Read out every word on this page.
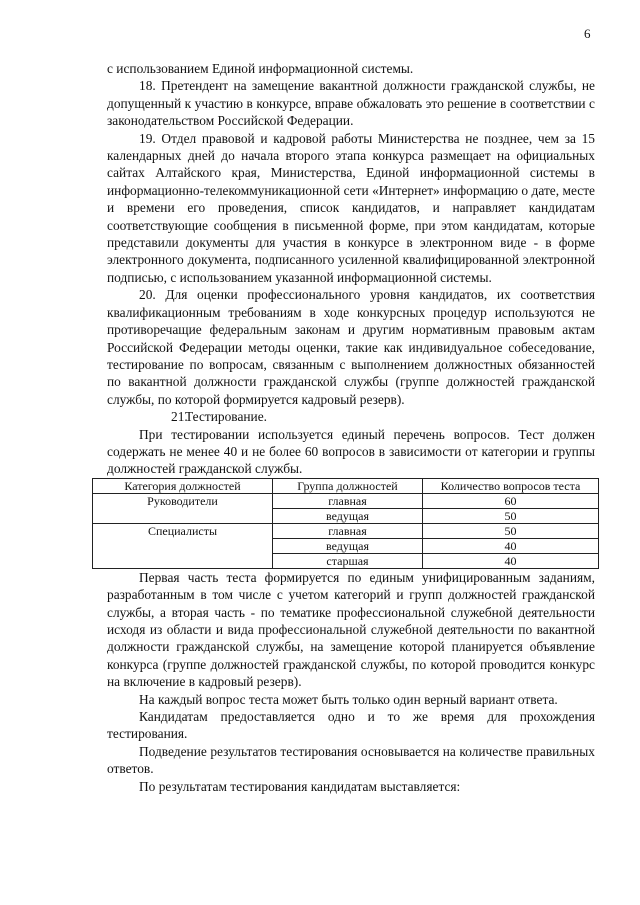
6

с использованием Единой информационной системы.

18. Претендент на замещение вакантной должности гражданской службы, не допущенный к участию в конкурсе, вправе обжаловать это решение в соответствии с законодательством Российской Федерации.

19. Отдел правовой и кадровой работы Министерства не позднее, чем за 15 календарных дней до начала второго этапа конкурса размещает на официальных сайтах Алтайского края, Министерства, Единой информационной системы в информационно-телекоммуникационной сети «Интернет» информацию о дате, месте и времени его проведения, список кандидатов, и направляет кандидатам соответствующие сообщения в письменной форме, при этом кандидатам, которые представили документы для участия в конкурсе в электронном виде - в форме электронного документа, подписанного усиленной квалифицированной электронной подписью, с использованием указанной информационной системы.

20. Для оценки профессионального уровня кандидатов, их соответствия квалификационным требованиям в ходе конкурсных процедур используются не противоречащие федеральным законам и другим нормативным правовым актам Российской Федерации методы оценки, такие как индивидуальное собеседование, тестирование по вопросам, связанным с выполнением должностных обязанностей по вакантной должности гражданской службы (группе должностей гражданской службы, по которой формируется кадровый резерв).

21.Тестирование.

При тестировании используется единый перечень вопросов. Тест должен содержать не менее 40 и не более 60 вопросов в зависимости от категории и группы должностей гражданской службы.

Категория должностей	Группа должностей	Количество вопросов теста
Руководители	главная	60
	ведущая	50
Специалисты	главная	50
	ведущая	40
	старшая	40

Первая часть теста формируется по единым унифицированным заданиям, разработанным в том числе с учетом категорий и групп должностей гражданской службы, а вторая часть - по тематике профессиональной служебной деятельности исходя из области и вида профессиональной служебной деятельности по вакантной должности гражданской службы, на замещение которой планируется объявление конкурса (группе должностей гражданской службы, по которой проводится конкурс на включение в кадровый резерв).

На каждый вопрос теста может быть только один верный вариант ответа.

Кандидатам предоставляется одно и то же время для прохождения тестирования.

Подведение результатов тестирования основывается на количестве правильных ответов.

По результатам тестирования кандидатам выставляется:
